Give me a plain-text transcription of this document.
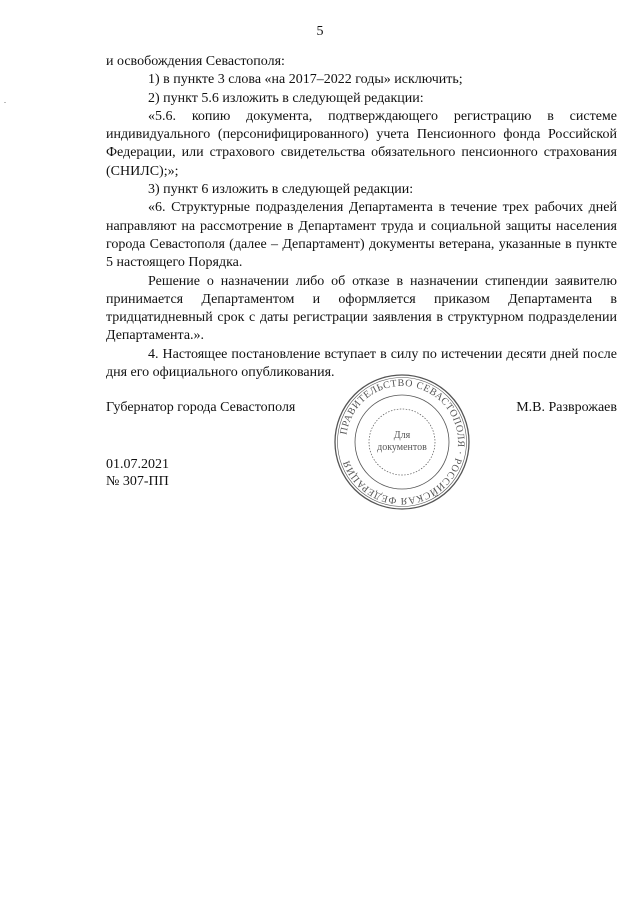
5

и освобождения Севастополя:

1) в пункте 3 слова «на 2017–2022 годы» исключить;

2) пункт 5.6 изложить в следующей редакции:

«5.6. копию документа, подтверждающего регистрацию в системе индивидуального (персонифицированного) учета Пенсионного фонда Российской Федерации, или страхового свидетельства обязательного пенсионного страхования (СНИЛС);»;

3) пункт 6 изложить в следующей редакции:

«6. Структурные подразделения Департамента в течение трех рабочих дней направляют на рассмотрение в Департамент труда и социальной защиты населения города Севастополя (далее – Департамент) документы ветерана, указанные в пункте 5 настоящего Порядка.

Решение о назначении либо об отказе в назначении стипендии заявителю принимается Департаментом и оформляется приказом Департамента в тридцатидневный срок с даты регистрации заявления в структурном подразделении Департамента.».

4. Настоящее постановление вступает в силу по истечении десяти дней после дня его официального опубликования.

Губернатор города Севастополя	М.В. Разврожаев
01.07.2021
№ 307-ПП
ПРАВИТЕЛЬСТВО СЕВАСТОПОЛЯ · РОССИЙСКАЯ ФЕДЕРАЦИЯ
Для
документов
